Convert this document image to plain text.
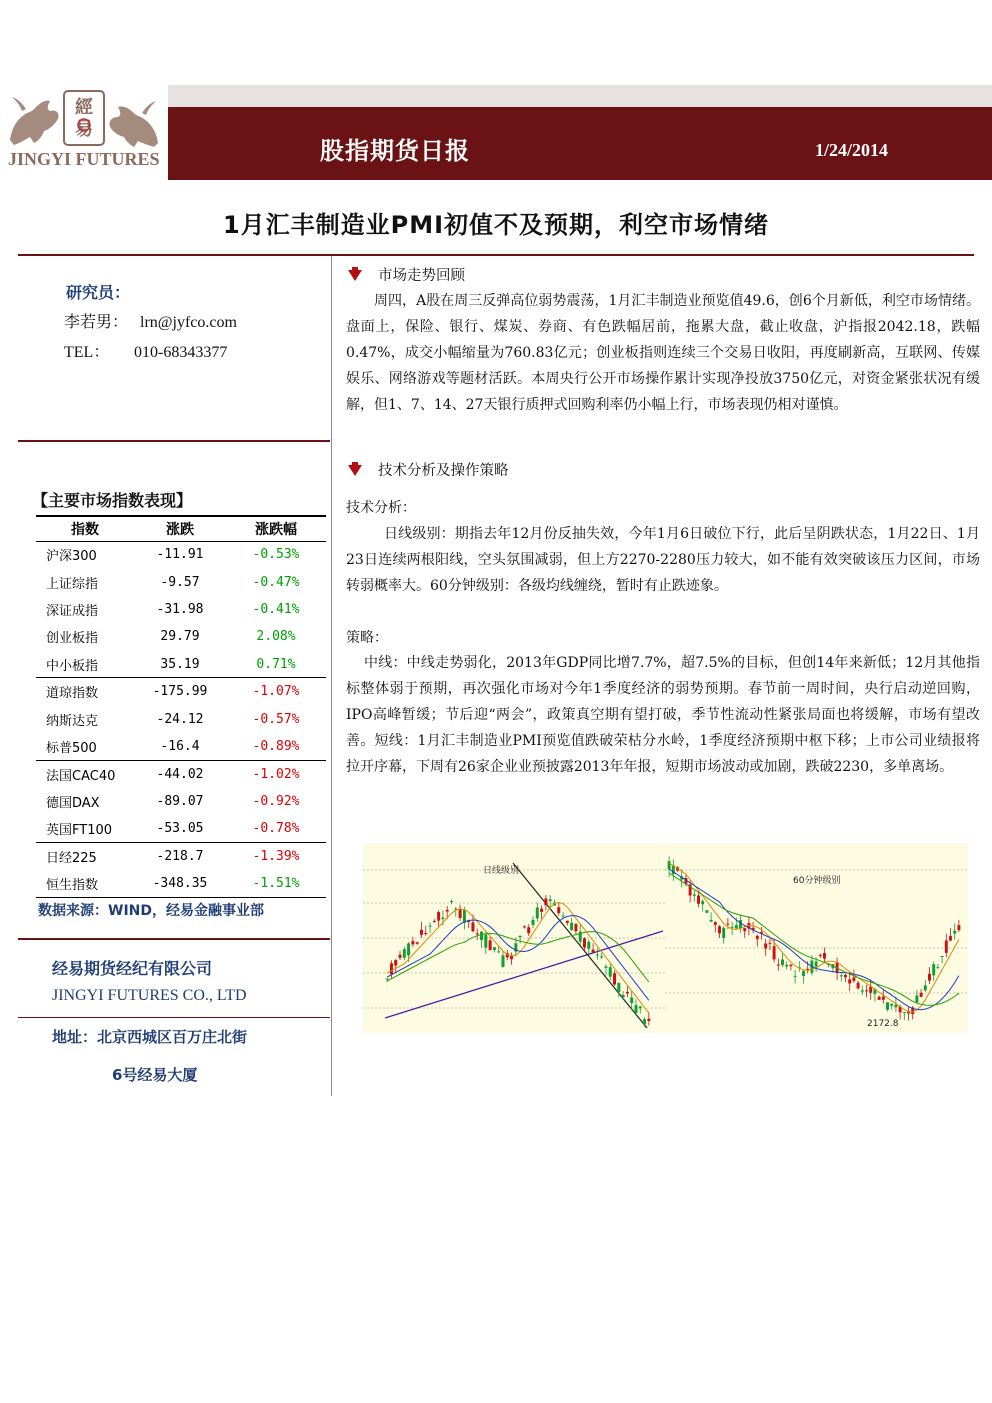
經
易
JINGYI FUTURES	股指期货日报	1/24/2014
1月汇丰制造业PMI初值不及预期，利空市场情绪
研究员：
李若男： lrn@jyfco.com
TEL： 010-68343377
【主要市场指数表现】
指数	涨跌	涨跌幅
沪深300	-11.91	-0.53%
上证综指	-9.57	-0.47%
深证成指	-31.98	-0.41%
创业板指	29.79	2.08%
中小板指	35.19	0.71%
道琼指数	-175.99	-1.07%
纳斯达克	-24.12	-0.57%
标普500	-16.4	-0.89%
法国CAC40	-44.02	-1.02%
德国DAX	-89.07	-0.92%
英国FT100	-53.05	-0.78%
日经225	-218.7	-1.39%
恒生指数	-348.35	-1.51%
数据来源：WIND，经易金融事业部
经易期货经纪有限公司
JINGYI FUTURES CO., LTD
地址：北京西城区百万庄北街
6号经易大厦
市场走势回顾

周四，A股在周三反弹高位弱势震荡，1月汇丰制造业预览值49.6，创6个月新低，利空市场情绪。盘面上，保险、银行、煤炭、券商、有色跌幅居前，拖累大盘，截止收盘，沪指报2042.18，跌幅0.47%，成交小幅缩量为760.83亿元；创业板指则连续三个交易日收阳，再度刷新高，互联网、传媒娱乐、网络游戏等题材活跃。本周央行公开市场操作累计实现净投放3750亿元，对资金紧张状况有缓解，但1、7、14、27天银行质押式回购利率仍小幅上行，市场表现仍相对谨慎。

技术分析及操作策略
技术分析：

日线级别：期指去年12月份反抽失效，今年1月6日破位下行，此后呈阴跌状态，1月22日、1月23日连续两根阳线，空头氛围减弱，但上方2270-2280压力较大，如不能有效突破该压力区间，市场转弱概率大。60分钟级别：各级均线缠绕，暂时有止跌迹象。

策略：

中线：中线走势弱化，2013年GDP同比增7.7%，超7.5%的目标，但创14年来新低；12月其他指标整体弱于预期，再次强化市场对今年1季度经济的弱势预期。春节前一周时间，央行启动逆回购，IPO高峰暂缓；节后迎“两会”，政策真空期有望打破，季节性流动性紧张局面也将缓解，市场有望改善。短线：1月汇丰制造业PMI预览值跌破荣枯分水岭，1季度经济预期中枢下移；上市公司业绩报将拉开序幕，下周有26家企业业预披露2013年年报，短期市场波动或加剧，跌破2230，多单离场。

日线级别
60分钟级别
2172.8
